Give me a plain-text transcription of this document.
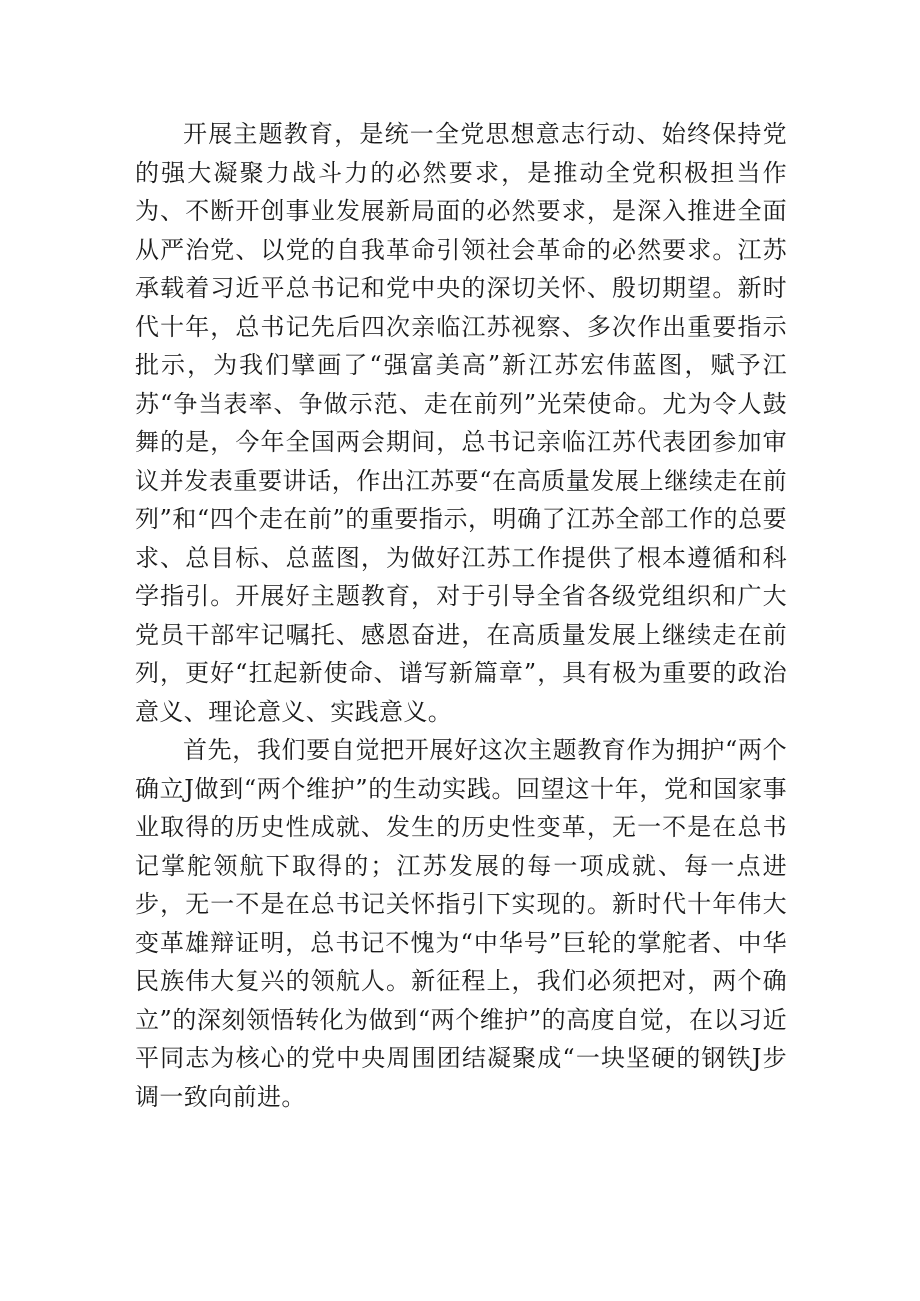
开展主题教育，是统一全党思想意志行动、始终保持党的强大凝聚力战斗力的必然要求，是推动全党积极担当作为、不断开创事业发展新局面的必然要求，是深入推进全面从严治党、以党的自我革命引领社会革命的必然要求。江苏承载着习近平总书记和党中央的深切关怀、殷切期望。新时代十年，总书记先后四次亲临江苏视察、多次作出重要指示批示，为我们擘画了“强富美高”新江苏宏伟蓝图，赋予江苏“争当表率、争做示范、走在前列”光荣使命。尤为令人鼓舞的是，今年全国两会期间，总书记亲临江苏代表团参加审议并发表重要讲话，作出江苏要“在高质量发展上继续走在前列”和“四个走在前”的重要指示，明确了江苏全部工作的总要求、总目标、总蓝图，为做好江苏工作提供了根本遵循和科学指引。开展好主题教育，对于引导全省各级党组织和广大党员干部牢记嘱托、感恩奋进，在高质量发展上继续走在前列，更好“扛起新使命、谱写新篇章”，具有极为重要的政治意义、理论意义、实践意义。

首先，我们要自觉把开展好这次主题教育作为拥护“两个确立J做到“两个维护”的生动实践。回望这十年，党和国家事业取得的历史性成就、发生的历史性变革，无一不是在总书记掌舵领航下取得的；江苏发展的每一项成就、每一点进步，无一不是在总书记关怀指引下实现的。新时代十年伟大变革雄辩证明，总书记不愧为“中华号”巨轮的掌舵者、中华民族伟大复兴的领航人。新征程上，我们必须把对，两个确立”的深刻领悟转化为做到“两个维护”的高度自觉，在以习近平同志为核心的党中央周围团结凝聚成“一块坚硬的钢铁J步调一致向前进。
